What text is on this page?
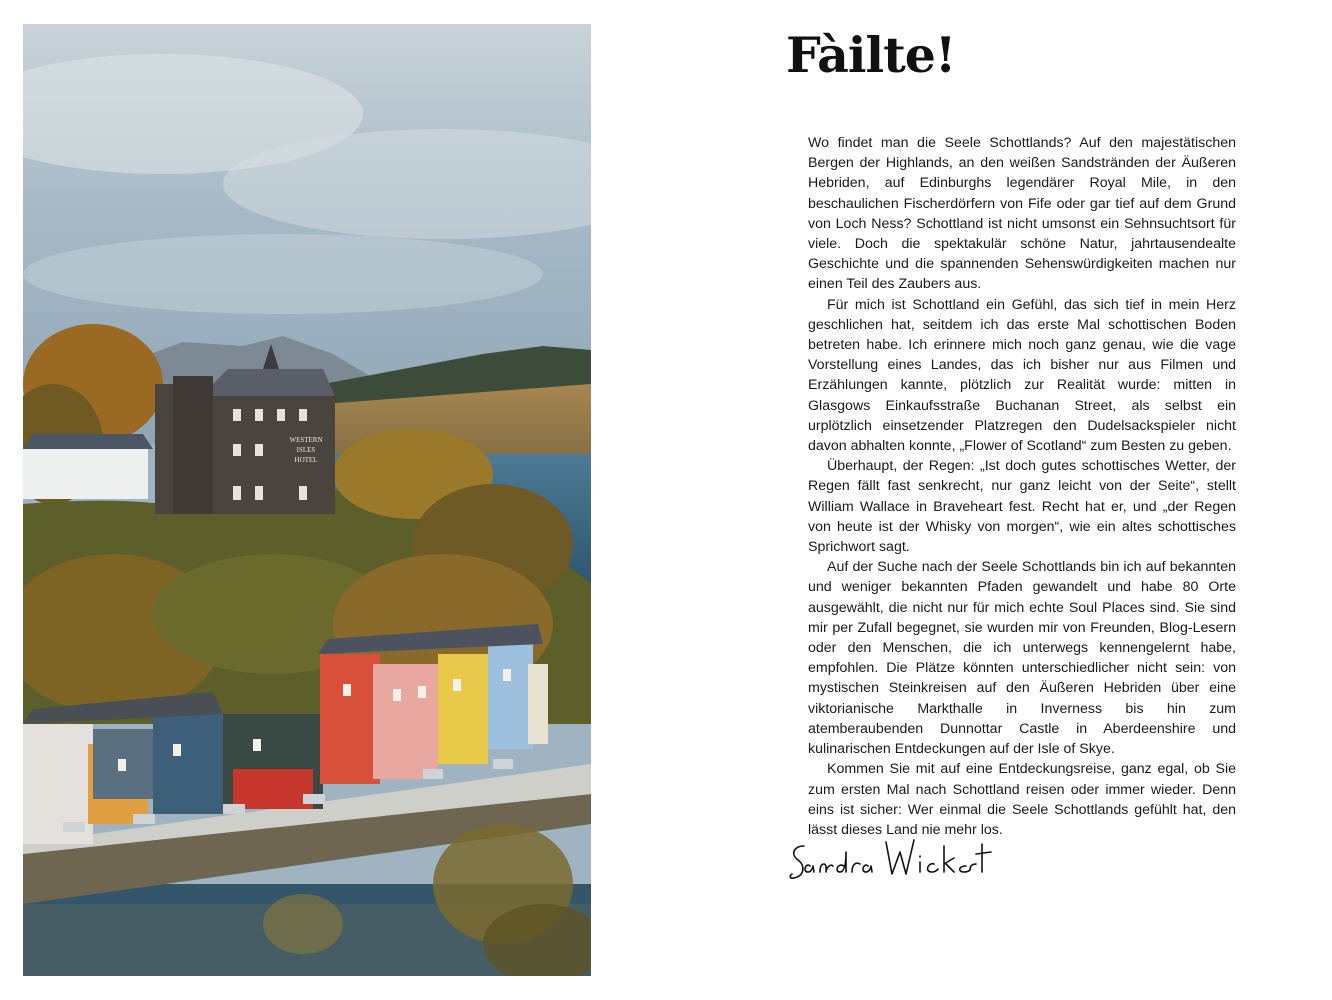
WESTERN
ISLES
HOTEL
Fàilte!

Wo findet man die Seele Schottlands? Auf den majestätischen Bergen der Highlands, an den weißen Sandstränden der Äußeren Hebriden, auf Edinburghs legendärer Royal Mile, in den beschaulichen Fischerdörfern von Fife oder gar tief auf dem Grund von Loch Ness? Schottland ist nicht umsonst ein Sehnsuchtsort für viele. Doch die spektakulär schöne Natur, jahrtausendealte Geschichte und die spannenden Sehenswürdigkeiten machen nur einen Teil des Zaubers aus.

Für mich ist Schottland ein Gefühl, das sich tief in mein Herz geschlichen hat, seitdem ich das erste Mal schottischen Boden betreten habe. Ich erinnere mich noch ganz genau, wie die vage Vorstellung eines Landes, das ich bisher nur aus Filmen und Erzählungen kannte, plötzlich zur Realität wurde: mitten in Glasgows Einkaufsstraße Buchanan Street, als selbst ein urplötzlich einsetzender Platzregen den Dudelsackspieler nicht davon abhalten konnte, „Flower of Scotland“ zum Besten zu geben.

Überhaupt, der Regen: „Ist doch gutes schottisches Wetter, der Regen fällt fast senkrecht, nur ganz leicht von der Seite“, stellt William Wallace in Braveheart fest. Recht hat er, und „der Regen von heute ist der Whisky von morgen“, wie ein altes schottisches Sprichwort sagt.

Auf der Suche nach der Seele Schottlands bin ich auf bekannten und weniger bekannten Pfaden gewandelt und habe 80 Orte ausgewählt, die nicht nur für mich echte Soul Places sind. Sie sind mir per Zufall begegnet, sie wurden mir von Freunden, Blog-Lesern oder den Menschen, die ich unterwegs kennengelernt habe, empfohlen. Die Plätze könnten unterschiedlicher nicht sein: von mystischen Steinkreisen auf den Äußeren Hebriden über eine viktorianische Markthalle in Inverness bis hin zum atemberaubenden Dunnottar Castle in Aberdeenshire und kulinarischen Entdeckungen auf der Isle of Skye.

Kommen Sie mit auf eine Entdeckungsreise, ganz egal, ob Sie zum ersten Mal nach Schottland reisen oder immer wieder. Denn eins ist sicher: Wer einmal die Seele Schottlands gefühlt hat, den lässt dieses Land nie mehr los.
